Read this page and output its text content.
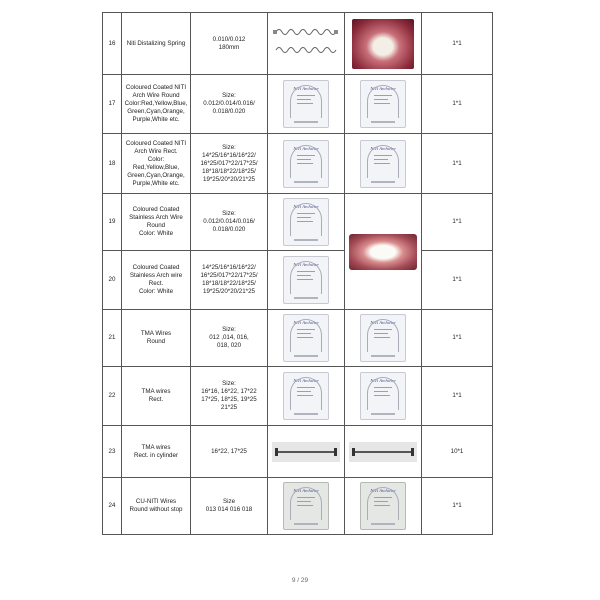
16	Niti Distalizing Spring	0.010/0.012
180mm			1*1
17	Coloured Coated NITI
Arch Wire Round
Color:Red,Yellow,Blue,
Green,Cyan,Orange,
Purple,White etc.	Size:
0.012/0.014/0.016/
0.018/0.020	NiTi Archwire	NiTi Archwire	1*1
18	Coloured Coated NITI
Arch Wire Rect.
Color: Red,Yellow,Blue,
Green,Cyan,Orange,
Purple,White etc.	Size:
14*25/16*16/16*22/
16*25/017*22/17*25/
18*18/18*22/18*25/
19*25/20*20/21*25	NiTi Archwire	NiTi Archwire	1*1
19	Coloured Coated
Stainless Arch Wire
Round
Color: White	Size:
0.012/0.014/0.016/
0.018/0.020	NiTi Archwire		1*1
20	Coloured Coated
Stainless Arch wire
Rect.
Color: White	14*25/16*16/16*22/
16*25/017*22/17*25/
18*18/18*22/18*25/
19*25/20*20/21*25	NiTi Archwire		1*1
21	TMA Wires
Round	Size:
012 ,014, 016,
018, 020	NiTi Archwire	NiTi Archwire	1*1
22	TMA wires
Rect.	Size:
16*16, 16*22, 17*22
17*25, 18*25, 19*25
21*25	NiTi Archwire	NiTi Archwire	1*1
23	TMA wires
Rect. in cylinder	16*22, 17*25			10*1
24	CU-NITI Wires
Round without stop	Size
013 014 016 018	NiTi Archwire	NiTi Archwire	1*1
9 / 29
